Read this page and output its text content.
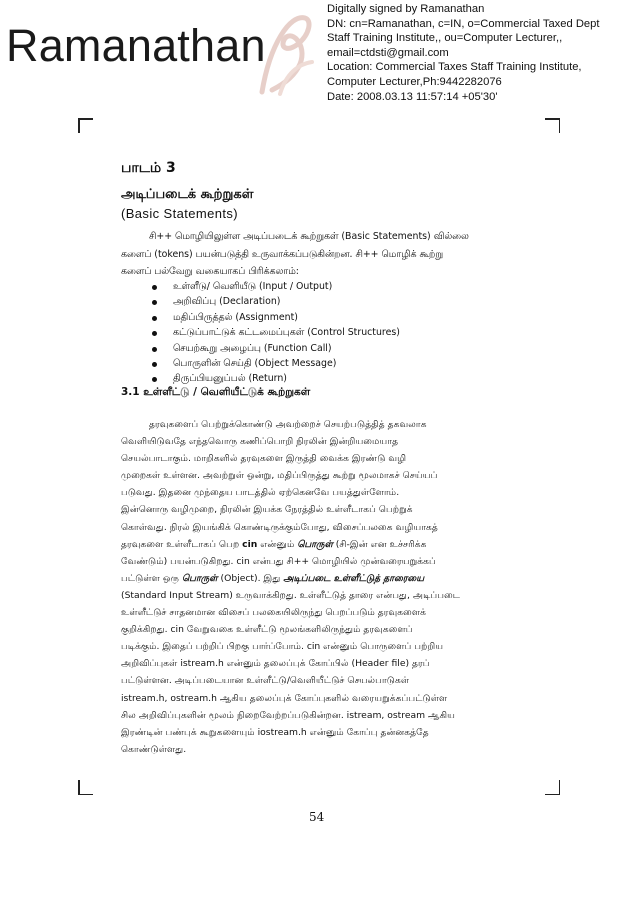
Ramanathan
Digitally signed by Ramanathan
DN: cn=Ramanathan, c=IN, o=Commercial Taxed Dept
Staff Training Institute,, ou=Computer Lecturer,,
email=ctdsti@gmail.com
Location: Commercial Taxes Staff Training Institute,
Computer Lecturer,Ph:9442282076
Date: 2008.03.13 11:57:14 +05'30'
பாடம் 3
அடிப்படைக் கூற்றுகள்
(Basic Statements)
சி++ மொழியிலுள்ள அடிப்படைக் கூற்றுகள் (Basic Statements) வில்லை
களைப் (tokens) பயன்படுத்தி உருவாக்கப்படுகின்றன. சி++ மொழிக் கூற்று
களைப் பல்வேறு வகையாகப் பிரிக்கலாம்:
உள்ளீடு/ வெளியீடு (Input / Output)
அறிவிப்பு (Declaration)
மதிப்பிருத்தல் (Assignment)
கட்டுப்பாட்டுக் கட்டமைப்புகள் (Control Structures)
செயற்கூறு அழைப்பு (Function Call)
பொருளின் செய்தி (Object Message)
திருப்பியனுப்பல் (Return)
3.1 உள்ளீட்டு / வெளியீட்டுக் கூற்றுகள்
தரவுகளைப் பெற்றுக்கொண்டு அவற்றைச் செயற்படுத்தித் தகவலாக
வெளியிடுவதே எந்தவொரு கணிப்பொறி நிரலின் இன்றியமையாத
செயல்பாடாகும். மாறிகளில் தரவுகளை இருத்தி வைக்க இரண்டு வழி
முறைகள் உள்ளன. அவற்றுள் ஒன்று, மதிப்பிருத்து கூற்று மூலமாகச் செய்யப்
படுவது. இதனை முந்தைய பாடத்தில் ஏற்கெனவே பயத்துள்ளோம்.
இன்னொரு வழிமுறை, நிரலின் இயக்க நேரத்தில் உள்ளீடாகப் பெற்றுக்
கொள்வது. நிரல் இயங்கிக் கொண்டிருக்கும்போது, விசைப்பலகை வழியாகத்
தரவுகளை உள்ளீடாகப் பெற cin என்னும் பொருள் (சி-இன் என உச்சரிக்க
வேண்டும்) பயன்படுகிறது. cin என்பது சி++ மொழியில் முன்வரையறுக்கப்
பட்டுள்ள ஒரு பொருள் (Object). இது அடிப்படை உள்ளீட்டுத் தாரையை
(Standard Input Stream) உருவாக்கிறது. உள்ளீட்டுத் தாரை என்பது, அடிப்படை
உள்ளீட்டுச் சாதனமான விசைப் பலகையிலிருந்து பெறப்படும் தரவுகளைக்
குறிக்கிறது. cin வேறுவகை உள்ளீட்டு மூலங்களிலிருந்தும் தரவுகளைப்
படிக்கும். இதைப் பற்றிப் பிறகு பார்ப்போம். cin என்னும் பொருளைப் பற்றிய
அறிவிப்புகள் istream.h என்னும் தலைப்புக் கோப்பில் (Header file) தரப்
பட்டுள்ளன. அடிப்படையான உள்ளீட்டு/வெளியீட்டுச் செயல்பாடுகள்
istream.h, ostream.h ஆகிய தலைப்புக் கோப்புகளில் வரையறுக்கப்பட்டுள்ள
சில அறிவிப்புகளின் மூலம் நிறைவேற்றப்படுகின்றன. istream, ostream ஆகிய
இரண்டின் பண்புக் கூறுகளையும் iostream.h என்னும் கோப்பு தன்னகத்தே
கொண்டுள்ளது.
54
